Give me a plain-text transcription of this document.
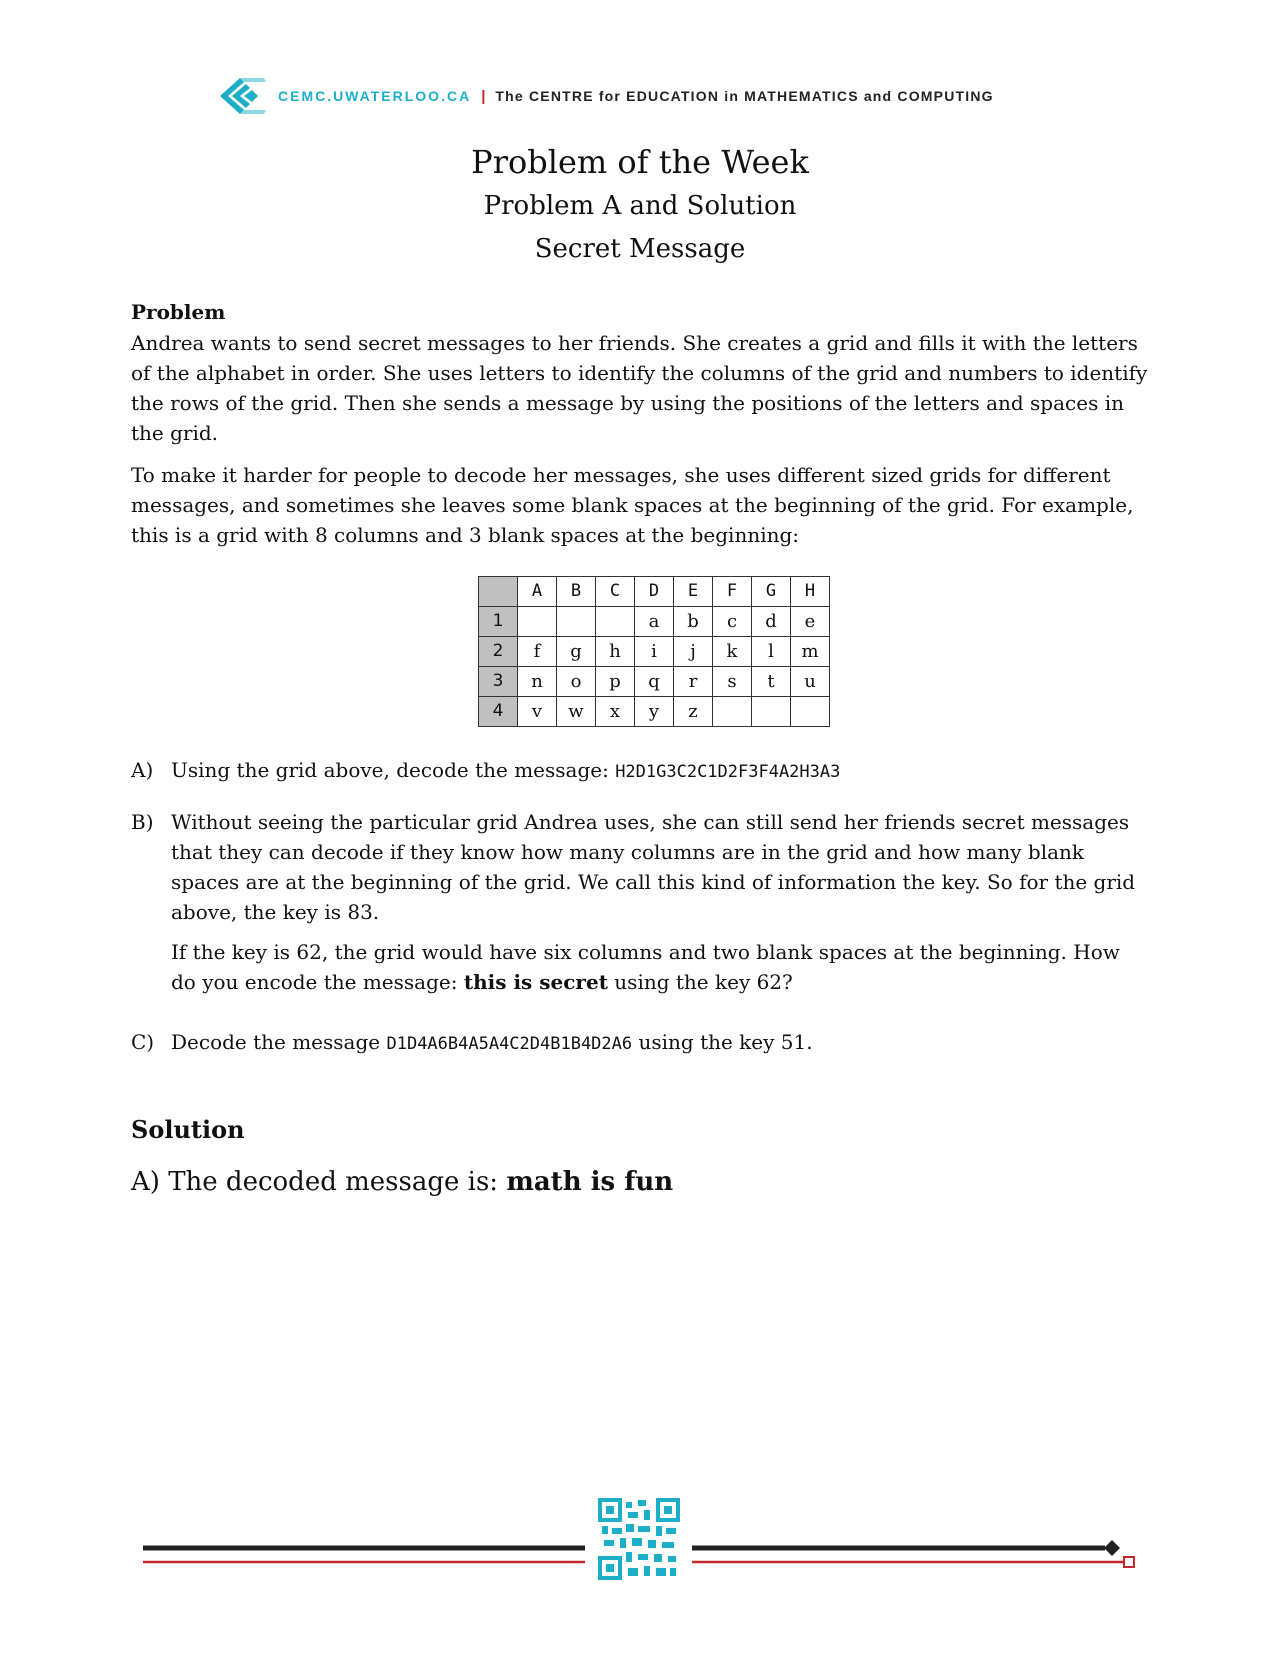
CEMC.UWATERLOO.CA | The CENTRE for EDUCATION in MATHEMATICS and COMPUTING
Problem of the Week
Problem A and Solution
Secret Message
Problem

Andrea wants to send secret messages to her friends. She creates a grid and fills it with the letters of the alphabet in order. She uses letters to identify the columns of the grid and numbers to identify the rows of the grid. Then she sends a message by using the positions of the letters and spaces in the grid.

To make it harder for people to decode her messages, she uses different sized grids for different messages, and sometimes she leaves some blank spaces at the beginning of the grid. For example, this is a grid with 8 columns and 3 blank spaces at the beginning:

	A	B	C	D	E	F	G	H
1				a	b	c	d	e
2	f	g	h	i	j	k	l	m
3	n	o	p	q	r	s	t	u
4	v	w	x	y	z			
A) Using the grid above, decode the message: H2D1G3C2C1D2F3F4A2H3A3
B) Without seeing the particular grid Andrea uses, she can still send her friends secret messages that they can decode if they know how many columns are in the grid and how many blank spaces are at the beginning of the grid. We call this kind of information the key. So for the grid above, the key is 83.

If the key is 62, the grid would have six columns and two blank spaces at the beginning. How do you encode the message: this is secret using the key 62?

C) Decode the message D1D4A6B4A5A4C2D4B1B4D2A6 using the key 51.
Solution
A) The decoded message is: math is fun
